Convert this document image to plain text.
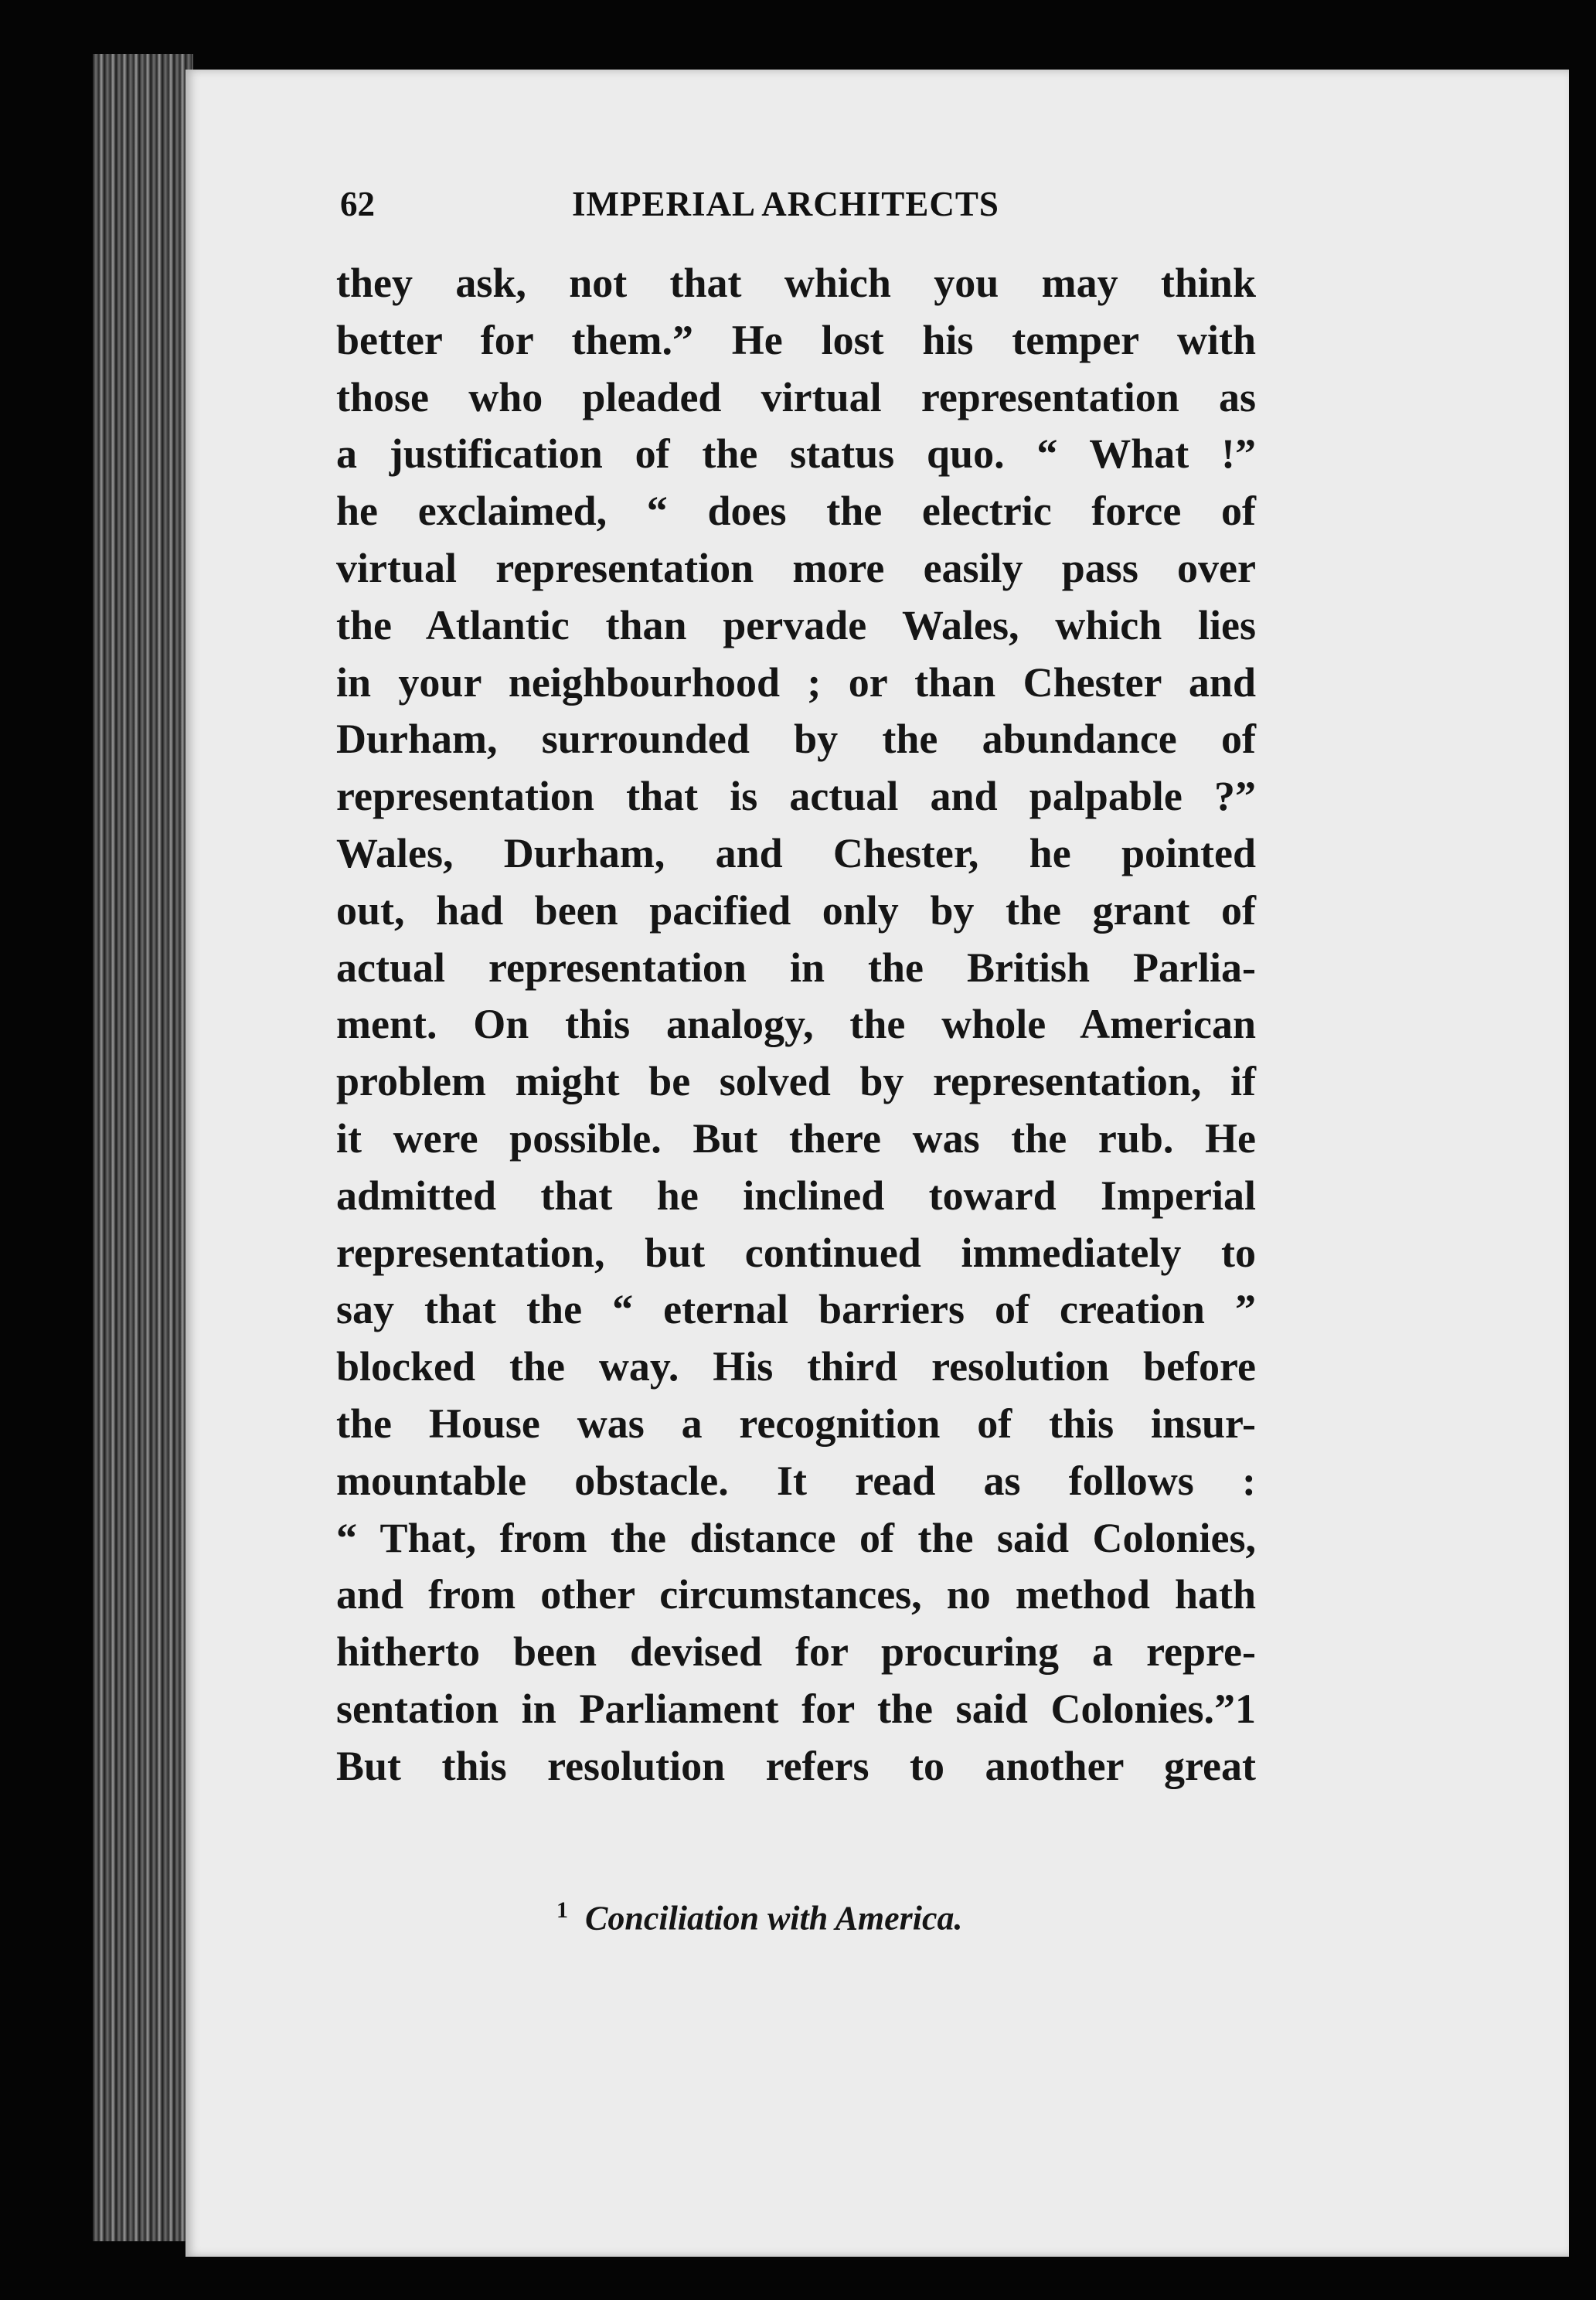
62	IMPERIAL ARCHITECTS
they ask, not that which you may think
better for them.” He lost his temper with
those who pleaded virtual representation as
a justification of the status quo. “ What !”
he exclaimed, “ does the electric force of
virtual representation more easily pass over
the Atlantic than pervade Wales, which lies
in your neighbourhood ; or than Chester and
Durham, surrounded by the abundance of
representation that is actual and palpable ?”
Wales, Durham, and Chester, he pointed
out, had been pacified only by the grant of
actual representation in the British Parlia-
ment. On this analogy, the whole American
problem might be solved by representation, if
it were possible. But there was the rub. He
admitted that he inclined toward Imperial
representation, but continued immediately to
say that the “ eternal barriers of creation ”
blocked the way. His third resolution before
the House was a recognition of this insur-
mountable obstacle. It read as follows :
“ That, from the distance of the said Colonies,
and from other circumstances, no method hath
hitherto been devised for procuring a repre-
sentation in Parliament for the said Colonies.”1
But this resolution refers to another great
$^1$ Conciliation with America.
